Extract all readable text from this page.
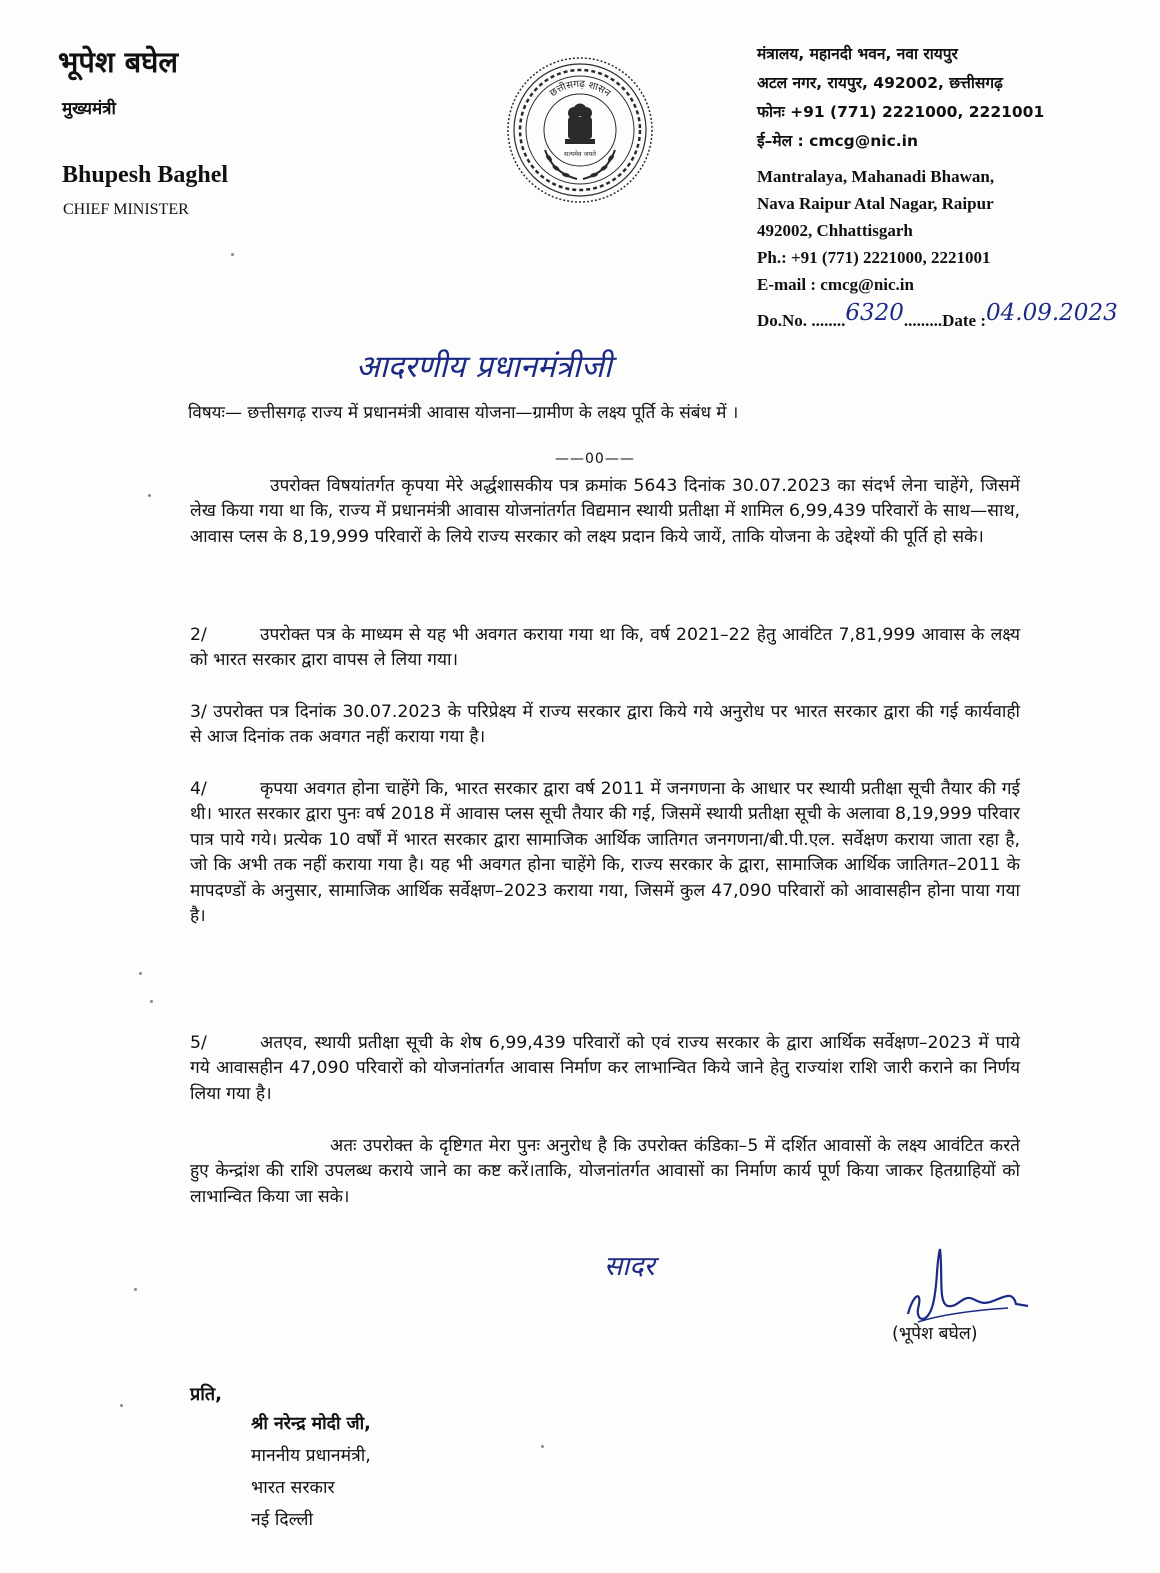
भूपेश बघेल
मुख्यमंत्री
Bhupesh Baghel
CHIEF MINISTER
छत्तीसगढ़ शासन
सत्यमेव जयते
मंत्रालय, महानदी भवन, नवा रायपुर
अटल नगर, रायपुर, 492002, छत्तीसगढ़
फोनः +91 (771) 2221000, 2221001
ई–मेल : cmcg@nic.in
Mantralaya, Mahanadi Bhawan,
Nava Raipur Atal Nagar, Raipur
492002, Chhattisgarh
Ph.: +91 (771) 2221000, 2221001
E-mail : cmcg@nic.in
Do.No. ........6320.........Date :04.09.2023
आदरणीय प्रधानमंत्रीजी
विषयः— छत्तीसगढ़ राज्य में प्रधानमंत्री आवास योजना—ग्रामीण के लक्ष्य पूर्ति के संबंध में ।
——00——
उपरोक्त विषयांतर्गत कृपया मेरे अर्द्धशासकीय पत्र क्रमांक 5643 दिनांक 30.07.2023 का संदर्भ लेना चाहेंगे, जिसमें लेख किया गया था कि, राज्य में प्रधानमंत्री आवास योजनांतर्गत विद्यमान स्थायी प्रतीक्षा में शामिल 6,99,439 परिवारों के साथ—साथ, आवास प्लस के 8,19,999 परिवारों के लिये राज्य सरकार को लक्ष्य प्रदान किये जायें, ताकि योजना के उद्देश्यों की पूर्ति हो सके।
2/	उपरोक्त पत्र के माध्यम से यह भी अवगत कराया गया था कि, वर्ष 2021–22 हेतु आवंटित 7,81,999 आवास के लक्ष्य को भारत सरकार द्वारा वापस ले लिया गया।
3/ उपरोक्त पत्र दिनांक 30.07.2023 के परिप्रेक्ष्य में राज्य सरकार द्वारा किये गये अनुरोध पर भारत सरकार द्वारा की गई कार्यवाही से आज दिनांक तक अवगत नहीं कराया गया है।
4/	कृपया अवगत होना चाहेंगे कि, भारत सरकार द्वारा वर्ष 2011 में जनगणना के आधार पर स्थायी प्रतीक्षा सूची तैयार की गई थी। भारत सरकार द्वारा पुनः वर्ष 2018 में आवास प्लस सूची तैयार की गई, जिसमें स्थायी प्रतीक्षा सूची के अलावा 8,19,999 परिवार पात्र पाये गये। प्रत्येक 10 वर्षों में भारत सरकार द्वारा सामाजिक आर्थिक जातिगत जनगणना/बी.पी.एल. सर्वेक्षण कराया जाता रहा है, जो कि अभी तक नहीं कराया गया है। यह भी अवगत होना चाहेंगे कि, राज्य सरकार के द्वारा, सामाजिक आर्थिक जातिगत–2011 के मापदण्डों के अनुसार, सामाजिक आर्थिक सर्वेक्षण–2023 कराया गया, जिसमें कुल 47,090 परिवारों को आवासहीन होना पाया गया है।
5/	अतएव, स्थायी प्रतीक्षा सूची के शेष 6,99,439 परिवारों को एवं राज्य सरकार के द्वारा आर्थिक सर्वेक्षण–2023 में पाये गये आवासहीन 47,090 परिवारों को योजनांतर्गत आवास निर्माण कर लाभान्वित किये जाने हेतु राज्यांश राशि जारी कराने का निर्णय लिया गया है।
अतः उपरोक्त के दृष्टिगत मेरा पुनः अनुरोध है कि उपरोक्त कंडिका–5 में दर्शित आवासों के लक्ष्य आवंटित करते हुए केन्द्रांश की राशि उपलब्ध कराये जाने का कष्ट करें।ताकि, योजनांतर्गत आवासों का निर्माण कार्य पूर्ण किया जाकर हितग्राहियों को लाभान्वित किया जा सके।
सादर
(भूपेश बघेल)
प्रति,
श्री नरेन्द्र मोदी जी,
माननीय प्रधानमंत्री,
भारत सरकार
नई दिल्ली
